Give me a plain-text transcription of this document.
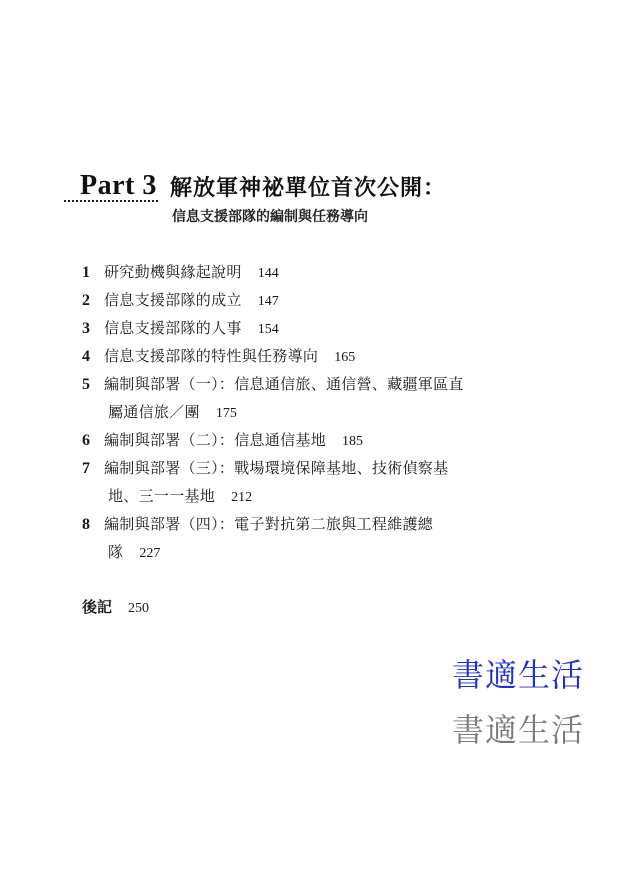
Part 3 解放軍神祕單位首次公開：
信息支援部隊的編制與任務導向
1 研究動機與緣起說明 144
2 信息支援部隊的成立 147
3 信息支援部隊的人事 154
4 信息支援部隊的特性與任務導向 165
5 編制與部署（一）：信息通信旅、通信營、藏疆軍區直
屬通信旅／團 175
6 編制與部署（二）：信息通信基地 185
7 編制與部署（三）：戰場環境保障基地、技術偵察基
地、三一一基地 212
8 編制與部署（四）：電子對抗第二旅與工程維護總
隊 227
後記 250
書適生活
書適生活
